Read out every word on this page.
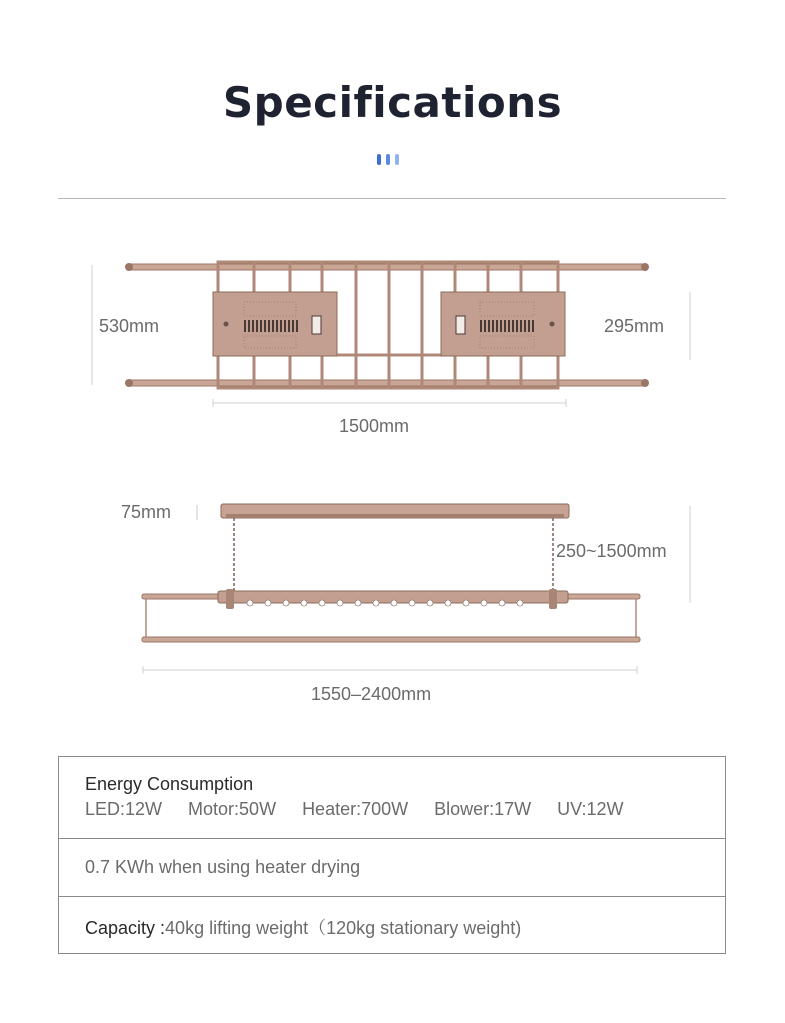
Specifications
530mm	295mm
1500mm
75mm
250~1500mm
1550–2400mm
Energy Consumption
LED:12W Motor:50W Heater:700W Blower:17W UV:12W
0.7 KWh when using heater drying
Capacity :40kg lifting weight（120kg stationary weight)
